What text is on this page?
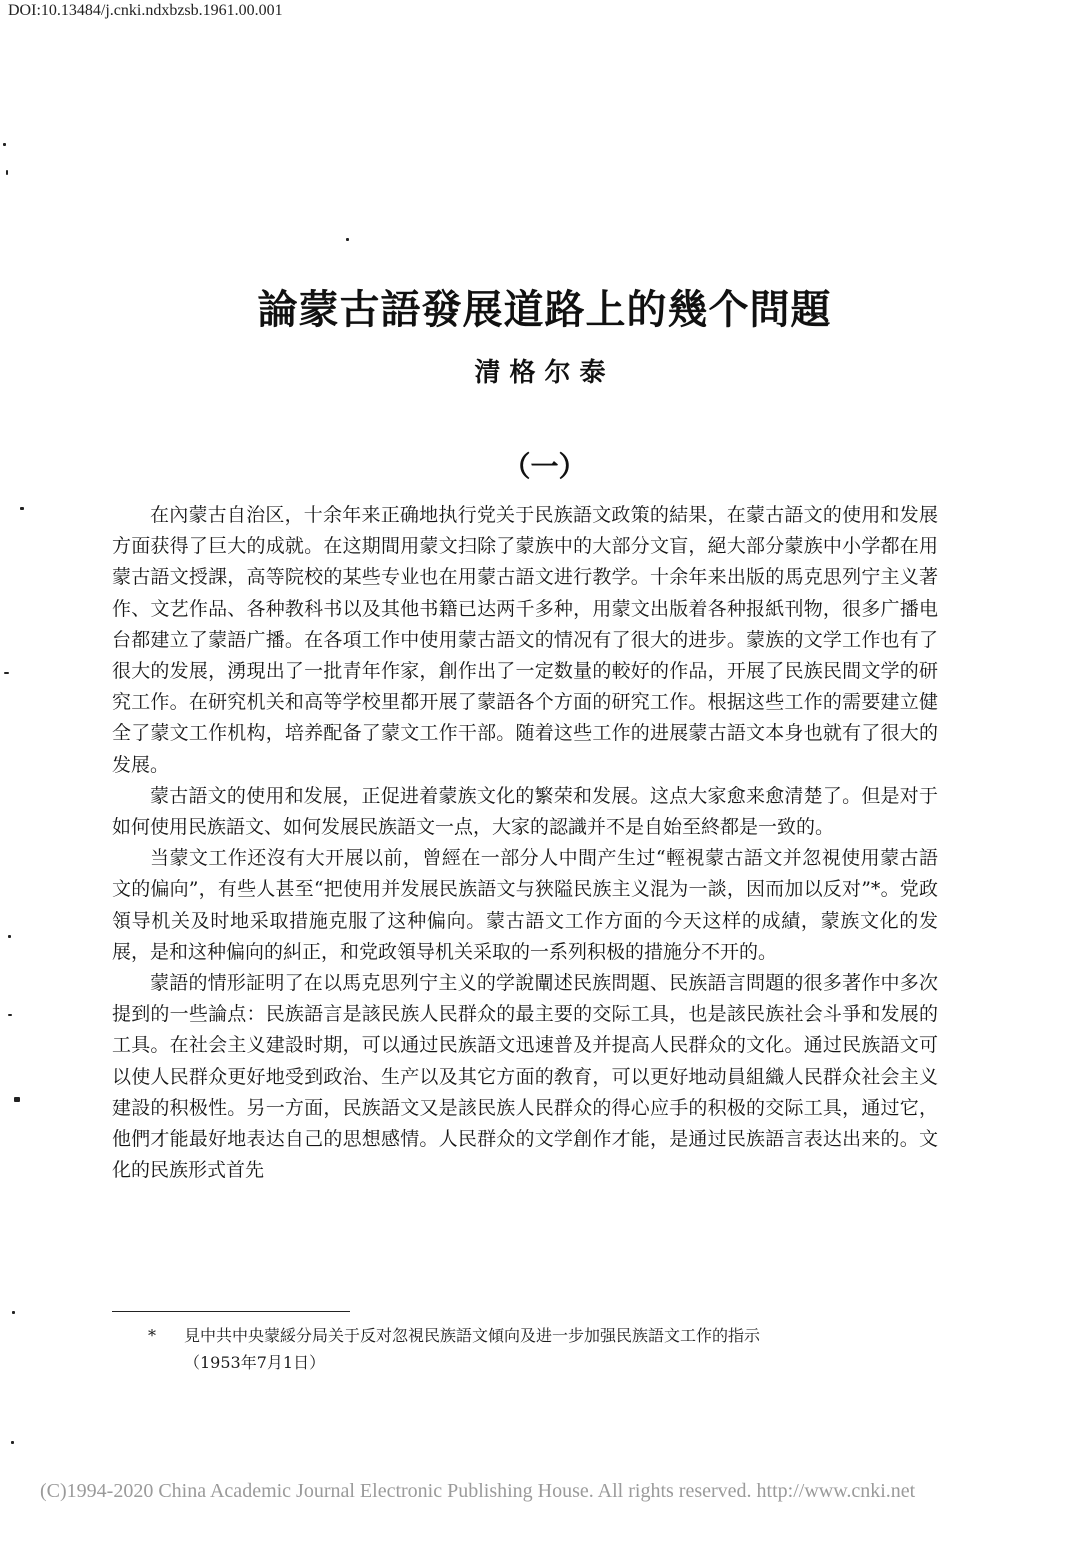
DOI:10.13484/j.cnki.ndxbzsb.1961.00.001
論蒙古語發展道路上的幾个問題
清格尔泰
（一）

在內蒙古自治区，十余年来正确地执行党关于民族語文政策的結果，在蒙古語文的使用和发展方面获得了巨大的成就。在这期間用蒙文扫除了蒙族中的大部分文盲，絕大部分蒙族中小学都在用蒙古語文授課，高等院校的某些专业也在用蒙古語文进行教学。十余年来出版的馬克思列宁主义著作、文艺作品、各种教科书以及其他书籍已达两千多种，用蒙文出版着各种报紙刊物，很多广播电台都建立了蒙語广播。在各項工作中使用蒙古語文的情况有了很大的进步。蒙族的文学工作也有了很大的发展，湧現出了一批青年作家，創作出了一定数量的較好的作品，开展了民族民間文学的研究工作。在研究机关和高等学校里都开展了蒙語各个方面的研究工作。根据这些工作的需要建立健全了蒙文工作机构，培养配备了蒙文工作干部。随着这些工作的进展蒙古語文本身也就有了很大的发展。

蒙古語文的使用和发展，正促进着蒙族文化的繁荣和发展。这点大家愈来愈清楚了。但是对于如何使用民族語文、如何发展民族語文一点，大家的認識并不是自始至終都是一致的。

当蒙文工作还沒有大开展以前，曾經在一部分人中間产生过“輕視蒙古語文并忽視使用蒙古語文的偏向”，有些人甚至“把使用并发展民族語文与狹隘民族主义混为一談，因而加以反对”*。党政領导机关及时地采取措施克服了这种偏向。蒙古語文工作方面的今天这样的成績，蒙族文化的发展，是和这种偏向的糾正，和党政領导机关采取的一系列积极的措施分不开的。

蒙語的情形証明了在以馬克思列宁主义的学說闡述民族問題、民族語言問題的很多著作中多次提到的一些論点：民族語言是該民族人民群众的最主要的交际工具，也是該民族社会斗爭和发展的工具。在社会主义建設时期，可以通过民族語文迅速普及并提高人民群众的文化。通过民族語文可以使人民群众更好地受到政治、生产以及其它方面的敎育，可以更好地动員組織人民群众社会主义建設的积极性。另一方面，民族語文又是該民族人民群众的得心应手的积极的交际工具，通过它，他們才能最好地表达自己的思想感情。人民群众的文学創作才能，是通过民族語言表达出来的。文化的民族形式首先

* 見中共中央蒙綏分局关于反对忽視民族語文傾向及进一步加强民族語文工作的指示
（1953年7月1日）
(C)1994-2020 China Academic Journal Electronic Publishing House. All rights reserved. http://www.cnki.net
